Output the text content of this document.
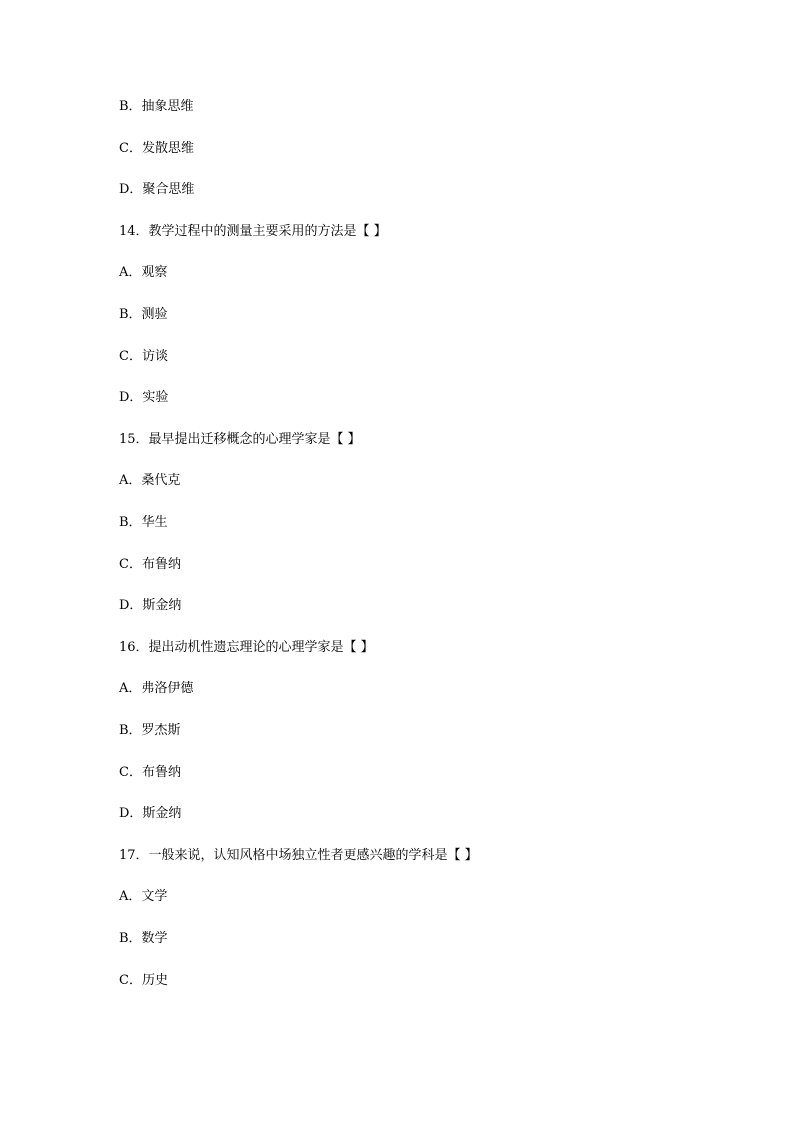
B．抽象思维
C．发散思维
D．聚合思维
14．教学过程中的测量主要采用的方法是【 】
A．观察
B．测验
C．访谈
D．实验
15．最早提出迁移概念的心理学家是【 】
A．桑代克
B．华生
C．布鲁纳
D．斯金纳
16．提出动机性遗忘理论的心理学家是【 】
A．弗洛伊德
B．罗杰斯
C．布鲁纳
D．斯金纳
17．一般来说，认知风格中场独立性者更感兴趣的学科是【 】
A．文学
B．数学
C．历史
